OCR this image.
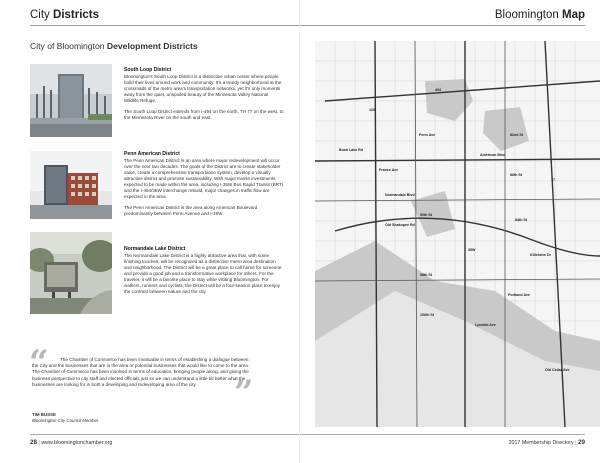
City Districts
City of Bloomington Development Districts
South Loop District

Bloomington's South Loop District is a distinctive urban center where people build their lives around work and community. It's a trendy neighborhood at the crossroads of the metro area's transportation networks, yet it's only moments away from the quiet, unspoiled beauty of the Minnesota Valley National Wildlife Refuge.

The South Loop District extends from I-494 on the north, TH 77 on the west, to the Minnesota River on the south and east.

Penn American District

The Penn American District is an area where major redevelopment will occur over the next two decades. The goals of the District are to create stakeholder value, create a comprehensive transportation system, develop a visually attractive district and promote sustainability. With major transit investments expected to be made within the area, including I-35W Bus Rapid Transit (BRT) and the I-494/35W interchange rebuild, major changes in traffic flow are expected in the area.

The Penn American District is the area along American Boulevard predominantly between Penn Avenue and I-35W.

Normandale Lake District

The Normandale Lake District is a highly attractive area that, with some finishing touches, will be recognized as a distinctive metro area destination and neighborhood. The District will be a great place to call home for someone and provide a good job and a transformative workplace for others. For the traveler, it will be a favorite place to stay while visiting Bloomington. For walkers, runners and cyclists, the District will be a four-season place to enjoy the contrast between nature and the city.

“
”
The Chamber of Commerce has been invaluable in terms of establishing a dialogue between the City and the businesses that are in the area or potential businesses that would like to come to the area. The Chamber of Commerce has been involved in terms of education, bringing people along, and giving the business perspective to city staff and elected officials just so we can understand a little bit better what the businesses are looking for in both a developing and redeveloping area of the city.
TIM BUSSE
Bloomington City Council Member
28 | www.bloomingtonchamber.org
Bloomington Map
2017 Membership Directory | 29
American Blvd
Old Shakopee Rd
Normandale Blvd
Bush Lake Rd
98th St
90th St
86th St
82nd St
106th St
169
494
35W
77
Lyndale Ave
Penn Ave
France Ave
Portland Ave
84th St
Killebrew Dr
Old Cedar Ave
